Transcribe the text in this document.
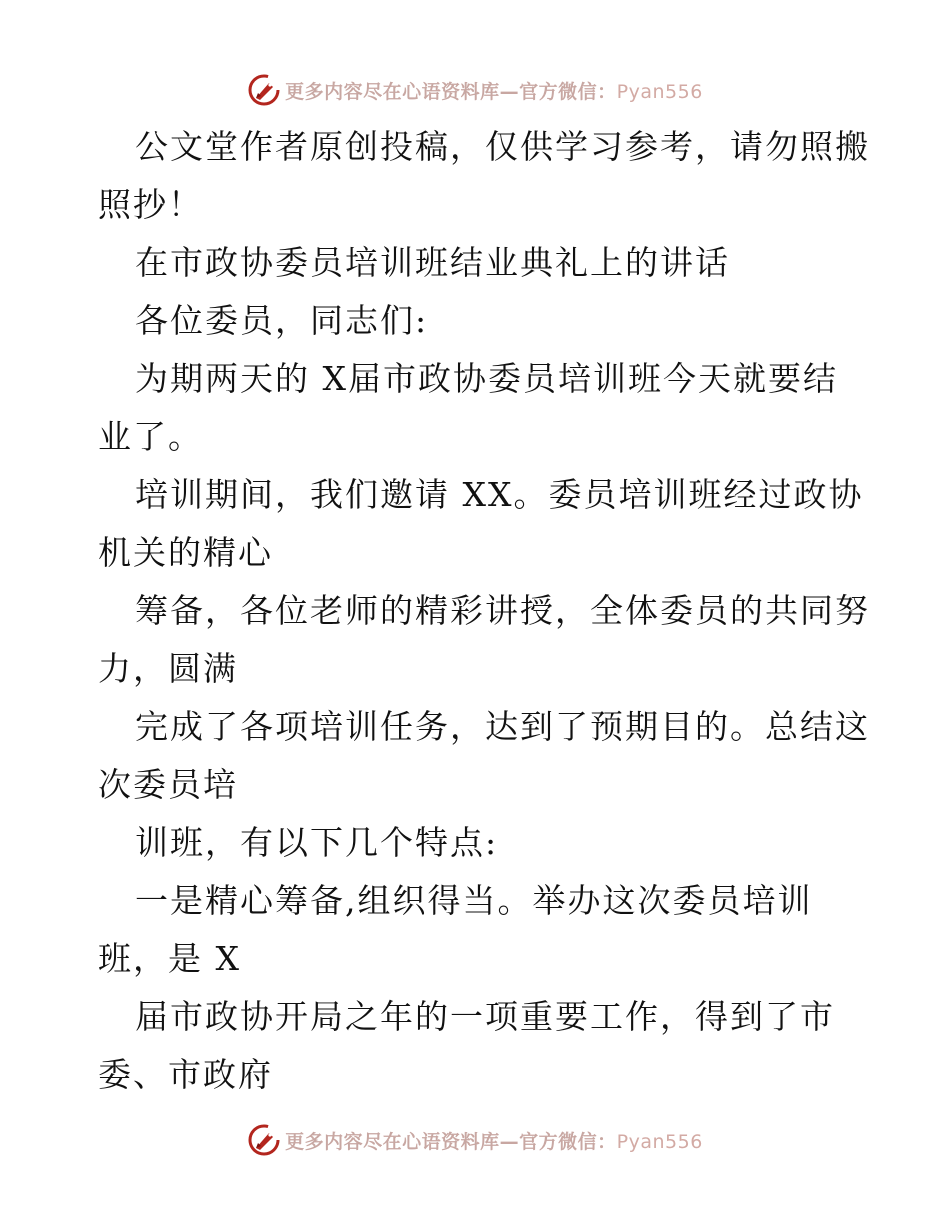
更多内容尽在心语资料库—官方微信：Pyan556
公文堂作者原创投稿，仅供学习参考，请勿照搬
照抄！
在市政协委员培训班结业典礼上的讲话
各位委员，同志们:
为期两天的 X届市政协委员培训班今天就要结
业了。
培训期间，我们邀请 XX。委员培训班经过政协
机关的精心
筹备，各位老师的精彩讲授，全体委员的共同努
力，圆满
完成了各项培训任务，达到了预期目的。总结这
次委员培
训班，有以下几个特点:
一是精心筹备,组织得当。举办这次委员培训
班，是 X
届市政协开局之年的一项重要工作，得到了市
委、市政府
更多内容尽在心语资料库—官方微信：Pyan556
